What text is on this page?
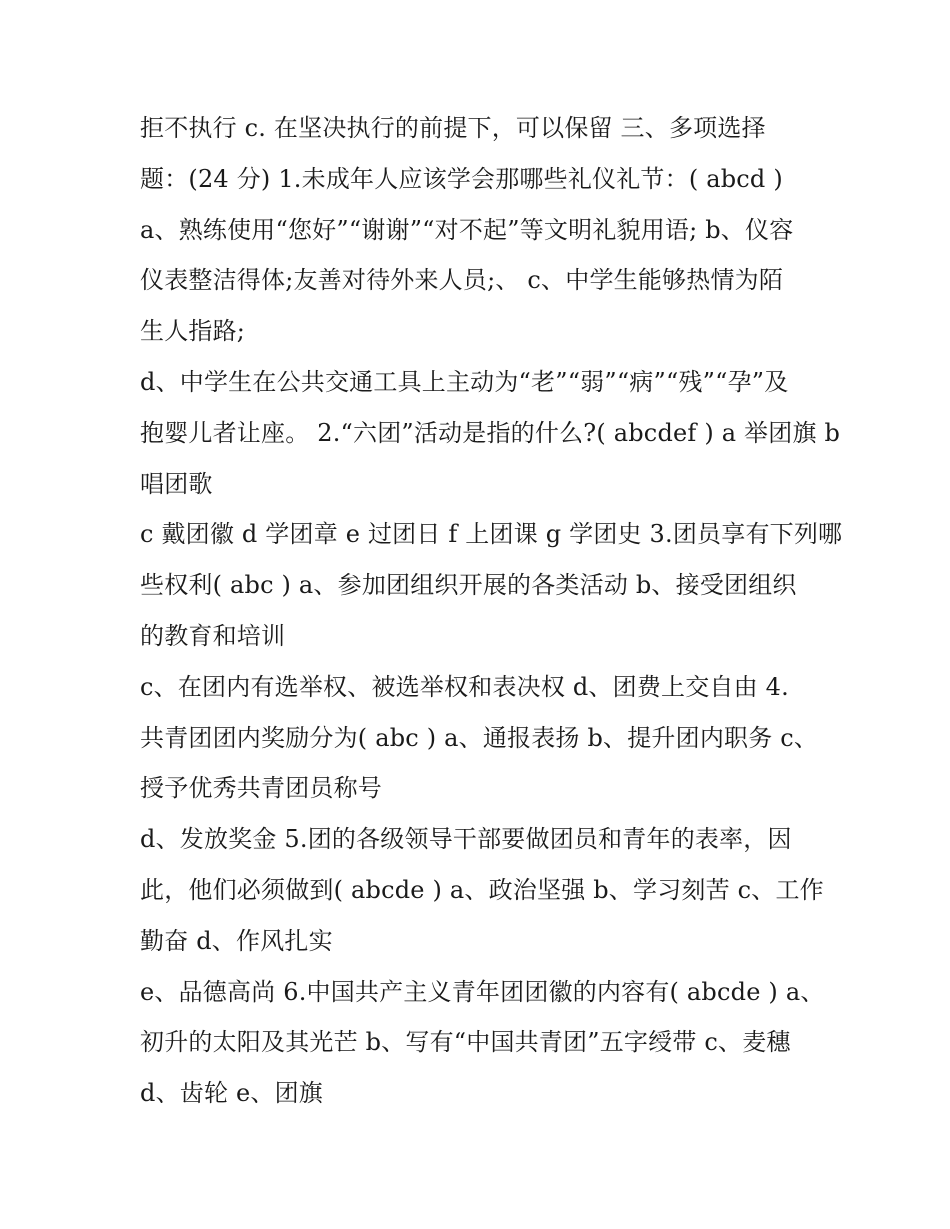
拒不执行 c. 在坚决执行的前提下，可以保留 三、多项选择
题：(24 分) 1.未成年人应该学会那哪些礼仪礼节：( abcd )
a、熟练使用“您好”“谢谢”“对不起”等文明礼貌用语; b、仪容
仪表整洁得体;友善对待外来人员;、 c、中学生能够热情为陌
生人指路;
d、中学生在公共交通工具上主动为“老”“弱”“病”“残”“孕”及
抱婴儿者让座。 2.“六团”活动是指的什么?( abcdef ) a 举团旗 b
唱团歌
c 戴团徽 d 学团章 e 过团日 f 上团课 g 学团史 3.团员享有下列哪
些权利( abc ) a、参加团组织开展的各类活动 b、接受团组织
的教育和培训
c、在团内有选举权、被选举权和表决权 d、团费上交自由 4.
共青团团内奖励分为( abc ) a、通报表扬 b、提升团内职务 c、
授予优秀共青团员称号
d、发放奖金 5.团的各级领导干部要做团员和青年的表率，因
此，他们必须做到( abcde ) a、政治坚强 b、学习刻苦 c、工作
勤奋 d、作风扎实
e、品德高尚 6.中国共产主义青年团团徽的内容有( abcde ) a、
初升的太阳及其光芒 b、写有“中国共青团”五字绶带 c、麦穗
d、齿轮 e、团旗
